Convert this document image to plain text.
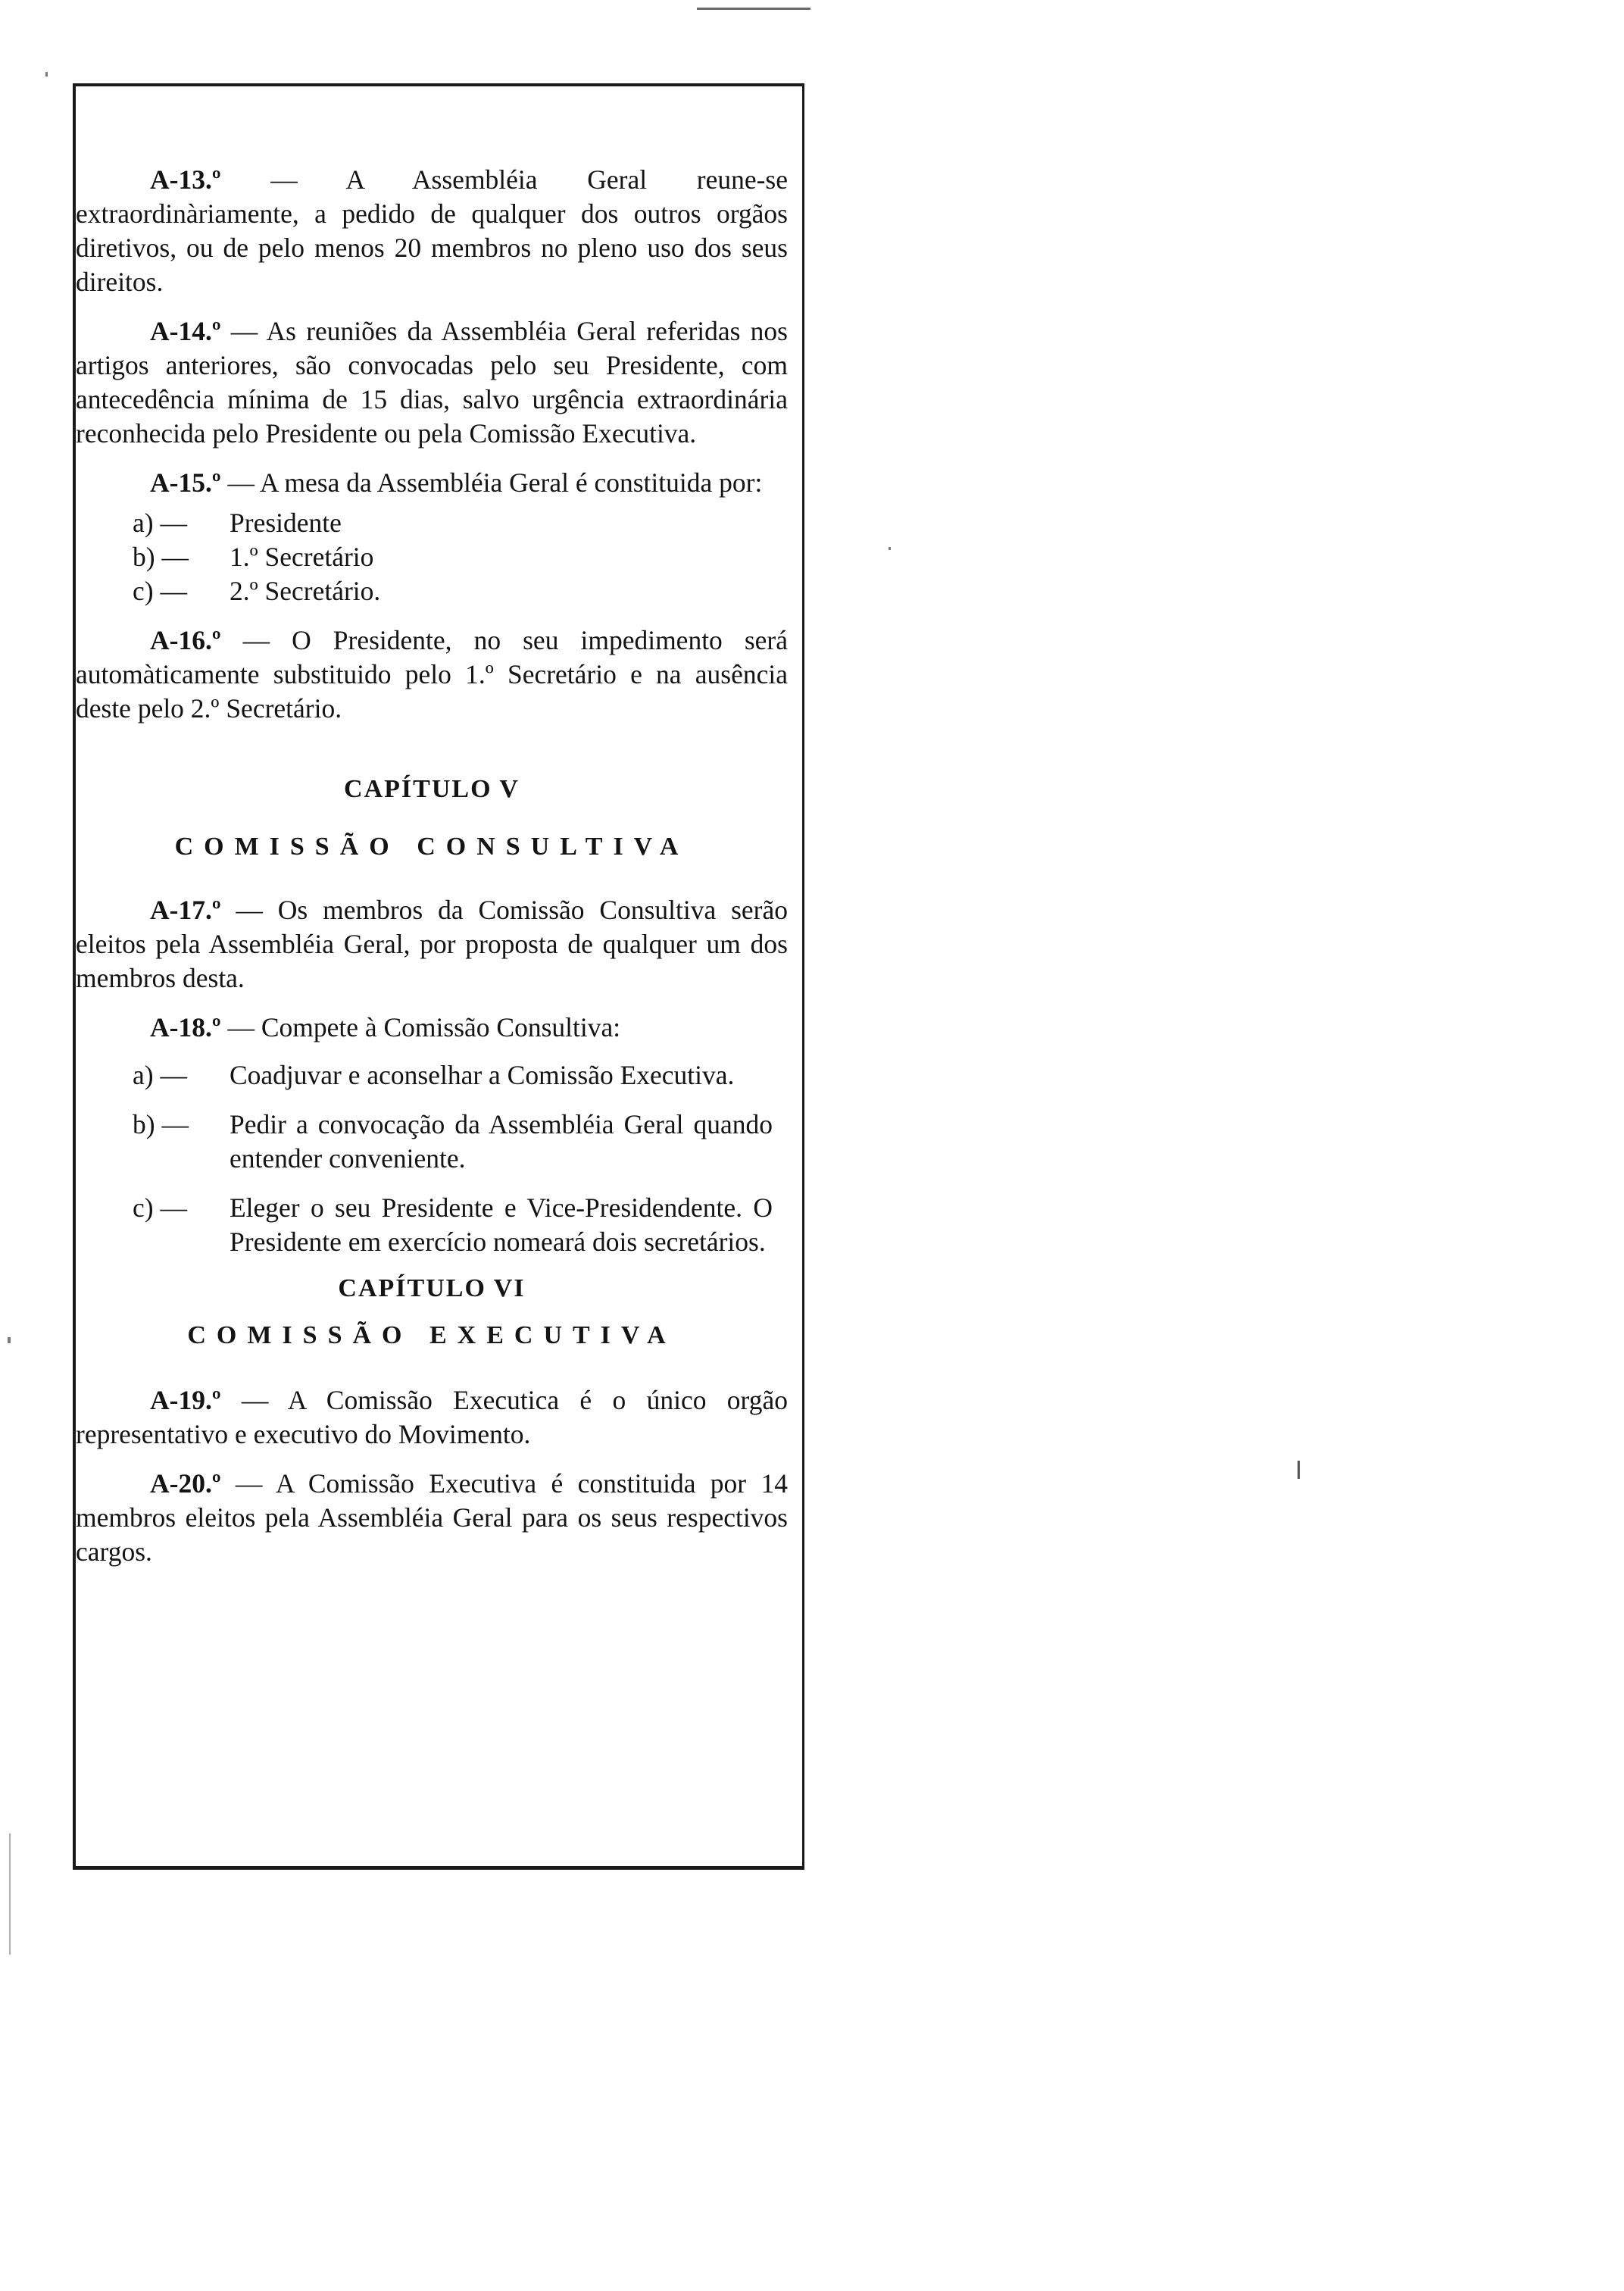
A-13.º — A Assembléia Geral reune-se extraordinàriamente, a pedido de qualquer dos outros orgãos diretivos, ou de pelo menos 20 membros no pleno uso dos seus direitos.

A-14.º — As reuniões da Assembléia Geral referidas nos artigos anteriores, são convocadas pelo seu Presidente, com antecedência mínima de 15 dias, salvo urgência extraordinária reconhecida pelo Presidente ou pela Comissão Executiva.

A-15.º — A mesa da Assembléia Geral é constituida por:

a) —	Presidente
b) —	1.º Secretário
c) —	2.º Secretário.

A-16.º — O Presidente, no seu impedimento será automàticamente substituido pelo 1.º Secretário e na ausência deste pelo 2.º Secretário.

CAPÍTULO V

COMISSÃO CONSULTIVA

A-17.º — Os membros da Comissão Consultiva serão eleitos pela Assembléia Geral, por proposta de qualquer um dos membros desta.

A-18.º — Compete à Comissão Consultiva:

a) —	Coadjuvar e aconselhar a Comissão Executiva.
b) —	Pedir a convocação da Assembléia Geral quando entender conveniente.
c) —	Eleger o seu Presidente e Vice-Presidendente. O Presidente em exercício nomeará dois secretários.

CAPÍTULO VI

COMISSÃO EXECUTIVA

A-19.º — A Comissão Executica é o único orgão representativo e executivo do Movimento.

A-20.º — A Comissão Executiva é constituida por 14 membros eleitos pela Assembléia Geral para os seus respectivos cargos.
